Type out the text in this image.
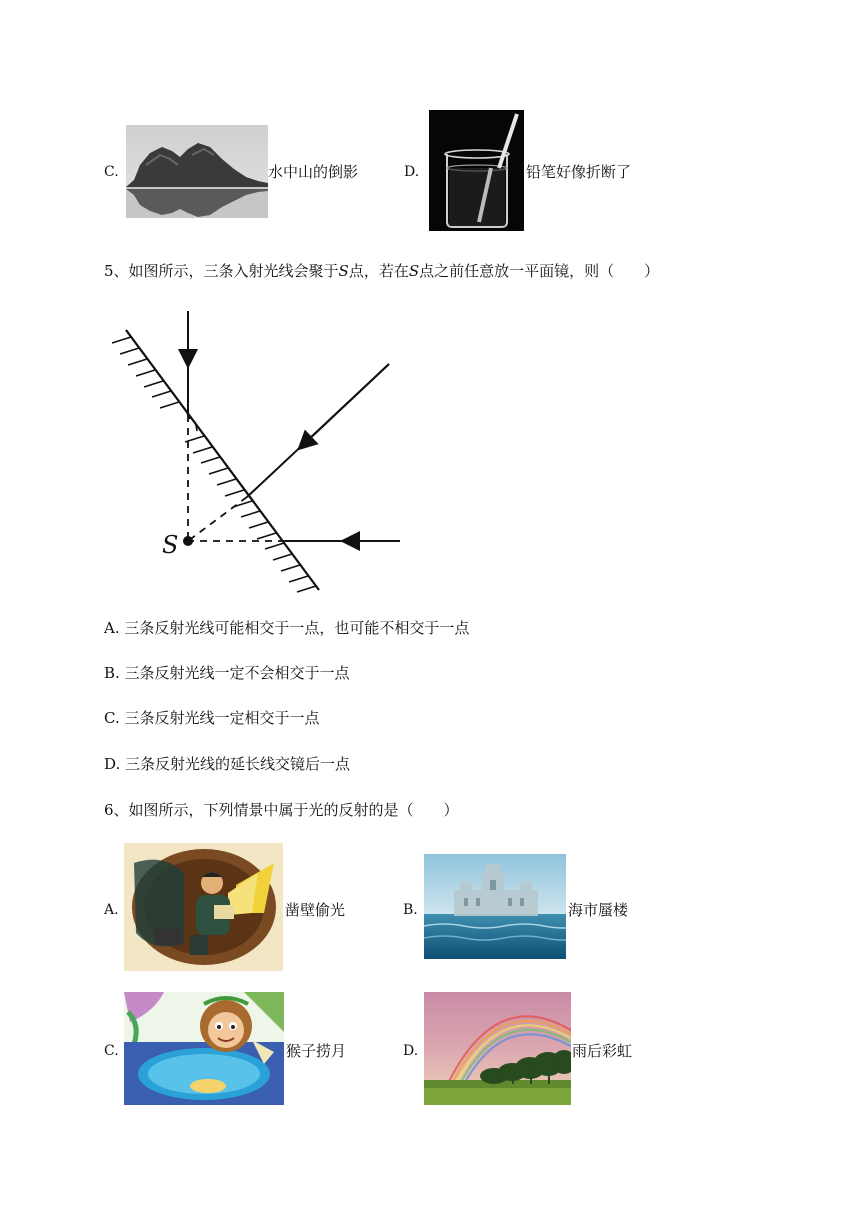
C.	水中山的倒影	D.	铅笔好像折断了
5、如图所示，三条入射光线会聚于S点，若在S点之前任意放一平面镜，则（　　）
S
A. 三条反射光线可能相交于一点，也可能不相交于一点
B. 三条反射光线一定不会相交于一点
C. 三条反射光线一定相交于一点
D. 三条反射光线的延长线交镜后一点
6、如图所示，下列情景中属于光的反射的是（　　）
A.	凿壁偷光	B.	海市蜃楼
C.	猴子捞月	D.	雨后彩虹
